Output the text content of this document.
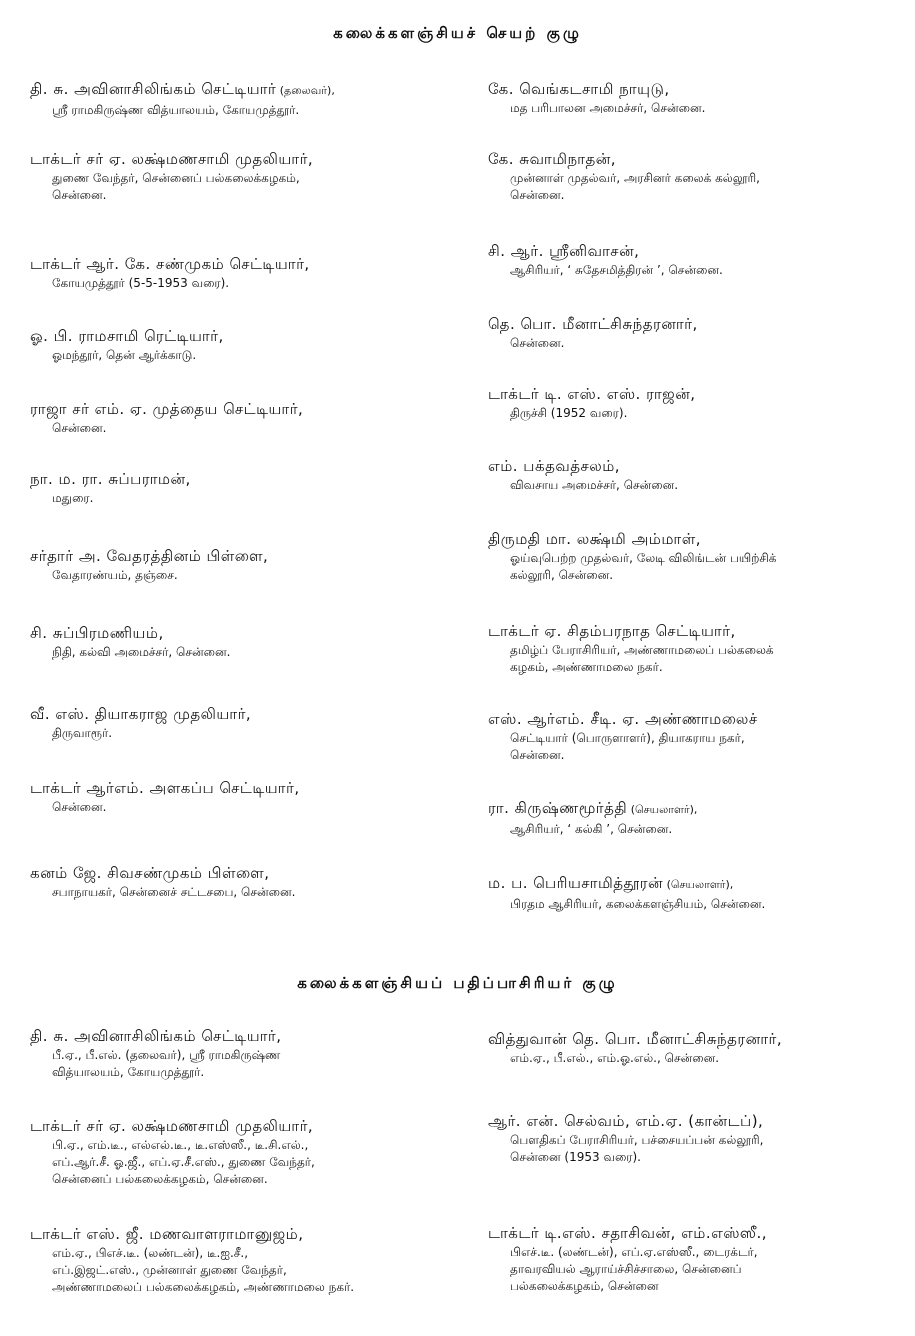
கலைக்களஞ்சியச் செயற் குழு
தி. சு. அவினாசிலிங்கம் செட்டியார் (தலைவர்),
ஸ்ரீ ராமகிருஷ்ண வித்யாலயம், கோயமுத்தூர்.
டாக்டர் சர் ஏ. லக்ஷ்மணசாமி முதலியார்,
துணை வேந்தர், சென்னைப் பல்கலைக்கழகம்,
சென்னை.
டாக்டர் ஆர். கே. சண்முகம் செட்டியார்,
கோயமுத்தூர் (5-5-1953 வரை).
ஓ. பி. ராமசாமி ரெட்டியார்,
ஓமந்தூர், தென் ஆர்க்காடு.
ராஜா சர் எம். ஏ. முத்தைய செட்டியார்,
சென்னை.
நா. ம. ரா. சுப்பராமன்,
மதுரை.
சர்தார் அ. வேதரத்தினம் பிள்ளை,
வேதாரண்யம், தஞ்சை.
சி. சுப்பிரமணியம்,
நிதி, கல்வி அமைச்சர், சென்னை.
வீ. எஸ். தியாகராஜ முதலியார்,
திருவாரூர்.
டாக்டர் ஆர்எம். அளகப்ப செட்டியார்,
சென்னை.
கனம் ஜே. சிவசண்முகம் பிள்ளை,
சபாநாயகர், சென்னைச் சட்டசபை, சென்னை.
கே. வெங்கடசாமி நாயுடு,
மத பரிபாலன அமைச்சர், சென்னை.
கே. சுவாமிநாதன்,
முன்னாள் முதல்வர், அரசினர் கலைக் கல்லூரி,
சென்னை.
சி. ஆர். ஸ்ரீனிவாசன்,
ஆசிரியர், ‘ சுதேசமித்திரன் ’, சென்னை.
தெ. பொ. மீனாட்சிசுந்தரனார்,
சென்னை.
டாக்டர் டி. எஸ். எஸ். ராஜன்,
திருச்சி (1952 வரை).
எம். பக்தவத்சலம்,
விவசாய அமைச்சர், சென்னை.
திருமதி மா. லக்ஷ்மி அம்மாள்,
ஓய்வுபெற்ற முதல்வர், லேடி விலிங்டன் பயிற்சிக்
கல்லூரி, சென்னை.
டாக்டர் ஏ. சிதம்பரநாத செட்டியார்,
தமிழ்ப் பேராசிரியர், அண்ணாமலைப் பல்கலைக்
கழகம், அண்ணாமலை நகர்.
எஸ். ஆர்எம். சீடி. ஏ. அண்ணாமலைச்
செட்டியார் (பொருளாளர்), தியாகராய நகர்,
சென்னை.
ரா. கிருஷ்ணமூர்த்தி (செயலாளர்),
ஆசிரியர், ‘ கல்கி ’, சென்னை.
ம. ப. பெரியசாமித்தூரன் (செயலாளர்),
பிரதம ஆசிரியர், கலைக்களஞ்சியம், சென்னை.
கலைக்களஞ்சியப் பதிப்பாசிரியர் குழு
தி. சு. அவினாசிலிங்கம் செட்டியார்,
பீ.ஏ., பீ.எல். (தலைவர்), ஸ்ரீ ராமகிருஷ்ண
வித்யாலயம், கோயமுத்தூர்.
டாக்டர் சர் ஏ. லக்ஷ்மணசாமி முதலியார்,
பி.ஏ., எம்.டீ., எல்எல்.டீ., டீ.எஸ்ஸீ., டீ.சி.எல்.,
எப்.ஆர்.சீ. ஓ.ஜீ., எப்.ஏ.சீ.எஸ்., துணை வேந்தர்,
சென்னைப் பல்கலைக்கழகம், சென்னை.
டாக்டர் எஸ். ஜீ. மணவாளராமானுஜம்,
எம்.ஏ., பிஎச்.டீ. (லண்டன்), டீ.ஐ.சீ.,
எப்.இஜட்.எஸ்., முன்னாள் துணை வேந்தர்,
அண்ணாமலைப் பல்கலைக்கழகம், அண்ணாமலை நகர்.
வித்துவான் தெ. பொ. மீனாட்சிசுந்தரனார்,
எம்.ஏ., பீ.எல்., எம்.ஓ.எல்., சென்னை.
ஆர். என். செல்வம், எம்.ஏ. (கான்டப்),
பௌதிகப் பேராசிரியர், பச்சையப்பன் கல்லூரி,
சென்னை (1953 வரை).
டாக்டர் டி.எஸ். சதாசிவன், எம்.எஸ்ஸீ.,
பிஎச்.டீ. (லண்டன்), எப்.ஏ.எஸ்ஸீ., டைரக்டர்,
தாவரவியல் ஆராய்ச்சிச்சாலை, சென்னைப்
பல்கலைக்கழகம், சென்னை
